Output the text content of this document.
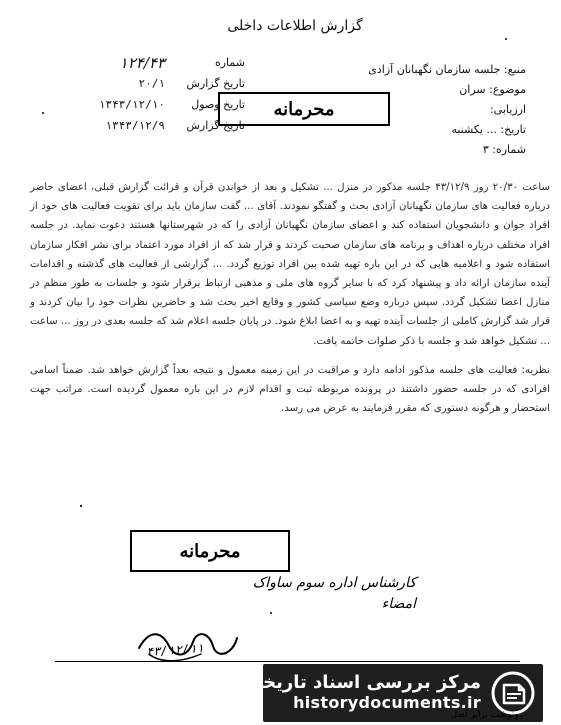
گزارش اطلاعات داخلی
منبع: جلسه سازمان نگهبانان آزادی
موضوع: سران
ارزیابی:
تاریخ: ... یکشنبه
شماره: ۳
شماره
۱۲۴/۴۳
تاریخ گزارش
۲۰/۱
تاریخ وصول
۱۳۴۳/۱۲/۱۰
تاریخ گزارش
۱۳۴۳/۱۲/۹
محرمانه

ساعت ۲۰/۳۰ روز ۴۳/۱۲/۹ جلسه مذکور در منزل ... تشکیل و بعد از خواندن قرآن و قرائت گزارش قبلی، اعضای حاضر درباره فعالیت های سازمان نگهبانان آزادی بحث و گفتگو نمودند. آقای ... گفت سازمان باید برای تقویت فعالیت های خود از افراد جوان و دانشجویان استفاده کند و اعضای سازمان نگهبانان آزادی را که در شهرستانها هستند دعوت نماید. در جلسه افراد مختلف درباره اهداف و برنامه های سازمان صحبت کردند و قرار شد که از افراد مورد اعتماد برای نشر افکار سازمان استفاده شود و اعلامیه هایی که در این باره تهیه شده بین افراد توزیع گردد. ... گزارشی از فعالیت های گذشته و اقدامات آینده سازمان ارائه داد و پیشنهاد کرد که با سایر گروه های ملی و مذهبی ارتباط برقرار شود و جلسات به طور منظم در منازل اعضا تشکیل گردد. سپس درباره وضع سیاسی کشور و وقایع اخیر بحث شد و حاضرین نظرات خود را بیان کردند و قرار شد گزارش کاملی از جلسات آینده تهیه و به اعضا ابلاغ شود. در پایان جلسه اعلام شد که جلسه بعدی در روز ... ساعت ... تشکیل خواهد شد و جلسه با ذکر صلوات خاتمه یافت.

نظریه: فعالیت های جلسه مذکور ادامه دارد و مراقبت در این زمینه معمول و نتیجه بعداً گزارش خواهد شد. ضمناً اسامی افرادی که در جلسه حضور داشتند در پرونده مربوطه ثبت و اقدام لازم در این باره معمول گردیده است. مراتب جهت استحضار و هرگونه دستوری که مقرر فرمایند به عرض می رسد.

محرمانه
کارشناس اداره سوم ساواک
امضاء
۴۳/۱۲/۱۱
مرکز بررسی اسناد تاریخی
historydocuments.ir
رونوشت برابر اصل
